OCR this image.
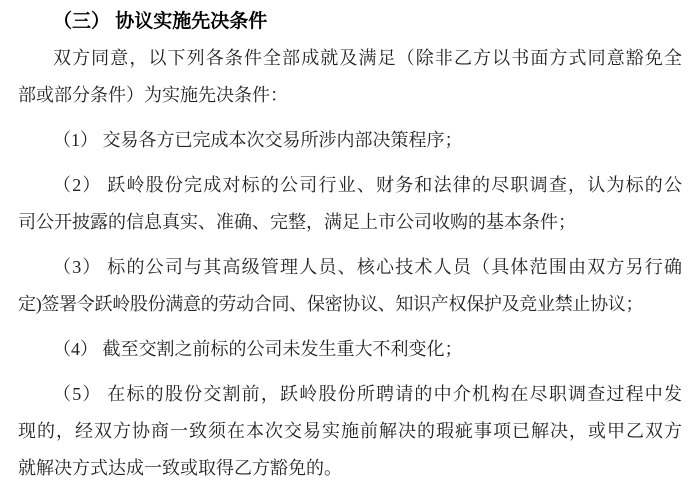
（三） 协议实施先决条件
双方同意，以下列各条件全部成就及满足（除非乙方以书面方式同意豁免全
部或部分条件）为实施先决条件：
（1） 交易各方已完成本次交易所涉内部决策程序；
（2） 跃岭股份完成对标的公司行业、财务和法律的尽职调查，认为标的公
司公开披露的信息真实、准确、完整，满足上市公司收购的基本条件；
（3） 标的公司与其高级管理人员、核心技术人员（具体范围由双方另行确
定)签署令跃岭股份满意的劳动合同、保密协议、知识产权保护及竞业禁止协议；
（4） 截至交割之前标的公司未发生重大不利变化；
（5） 在标的股份交割前，跃岭股份所聘请的中介机构在尽职调查过程中发
现的，经双方协商一致须在本次交易实施前解决的瑕疵事项已解决，或甲乙双方
就解决方式达成一致或取得乙方豁免的。
